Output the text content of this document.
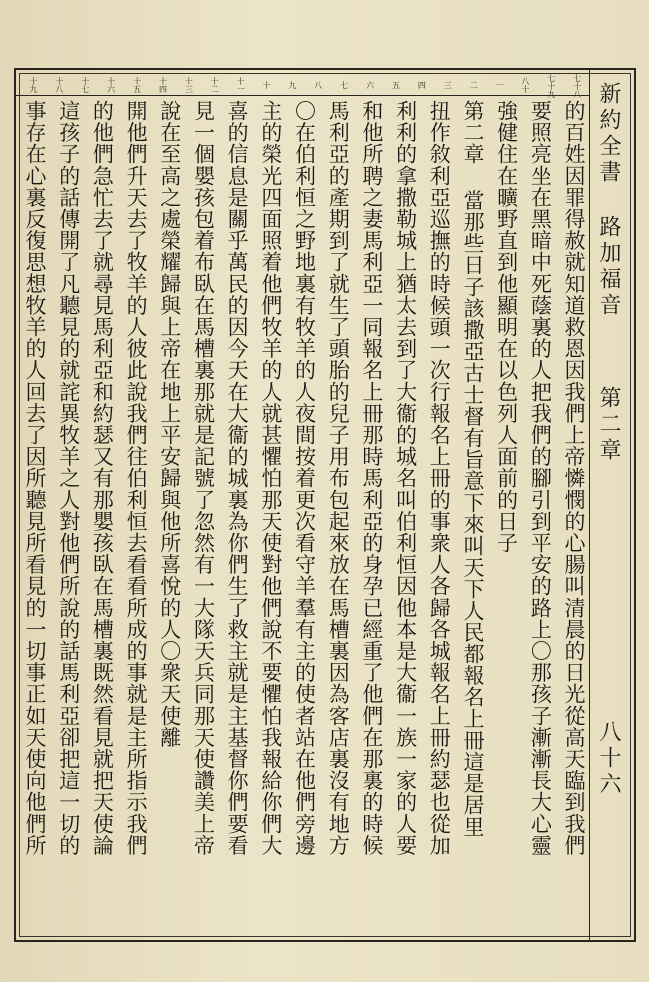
新約全書 路加福音
第二章
八十六
七十八
七十九
八十
一
二
三
四
五
六
七
八
九
十
十一
十二
十三
十四
十五
十六
十七
十八
十九
的百姓因罪得赦就知道救恩因我們上帝憐憫的心腸叫清晨的日光從高天臨到我們
要照亮坐在黑暗中死蔭裏的人把我們的腳引到平安的路上〇那孩子漸漸長大心靈
強健住在曠野直到他顯明在以色列人面前的日子
第二章 當那些日子該撒亞古士督有旨意下來叫天下人民都報名上冊這是居里
扭作敘利亞巡撫的時候頭一次行報名上冊的事衆人各歸各城報名上冊約瑟也從加
利利的拿撒勒城上猶太去到了大衞的城名叫伯利恒因他本是大衞一族一家的人要
和他所聘之妻馬利亞一同報名上冊那時馬利亞的身孕已經重了他們在那裏的時候
馬利亞的產期到了就生了頭胎的兒子用布包起來放在馬槽裏因為客店裏沒有地方
〇在伯利恒之野地裏有牧羊的人夜間按着更次看守羊羣有主的使者站在他們旁邊
主的榮光四面照着他們牧羊的人就甚懼怕那天使對他們說不要懼怕我報給你們大
喜的信息是關乎萬民的因今天在大衞的城裏為你們生了救主就是主基督你們要看
見一個嬰孩包着布臥在馬槽裏那就是記號了忽然有一大隊天兵同那天使讚美上帝
說在至高之處榮耀歸與上帝在地上平安歸與他所喜悅的人〇衆天使離
開他們升天去了牧羊的人彼此說我們往伯利恒去看看所成的事就是主所指示我們
的他們急忙去了就尋見馬利亞和約瑟又有那嬰孩臥在馬槽裏既然看見就把天使論
這孩子的話傳開了凡聽見的就詫異牧羊之人對他們所說的話馬利亞卻把這一切的
事存在心裏反復思想牧羊的人回去了因所聽見所看見的一切事正如天使向他們所
